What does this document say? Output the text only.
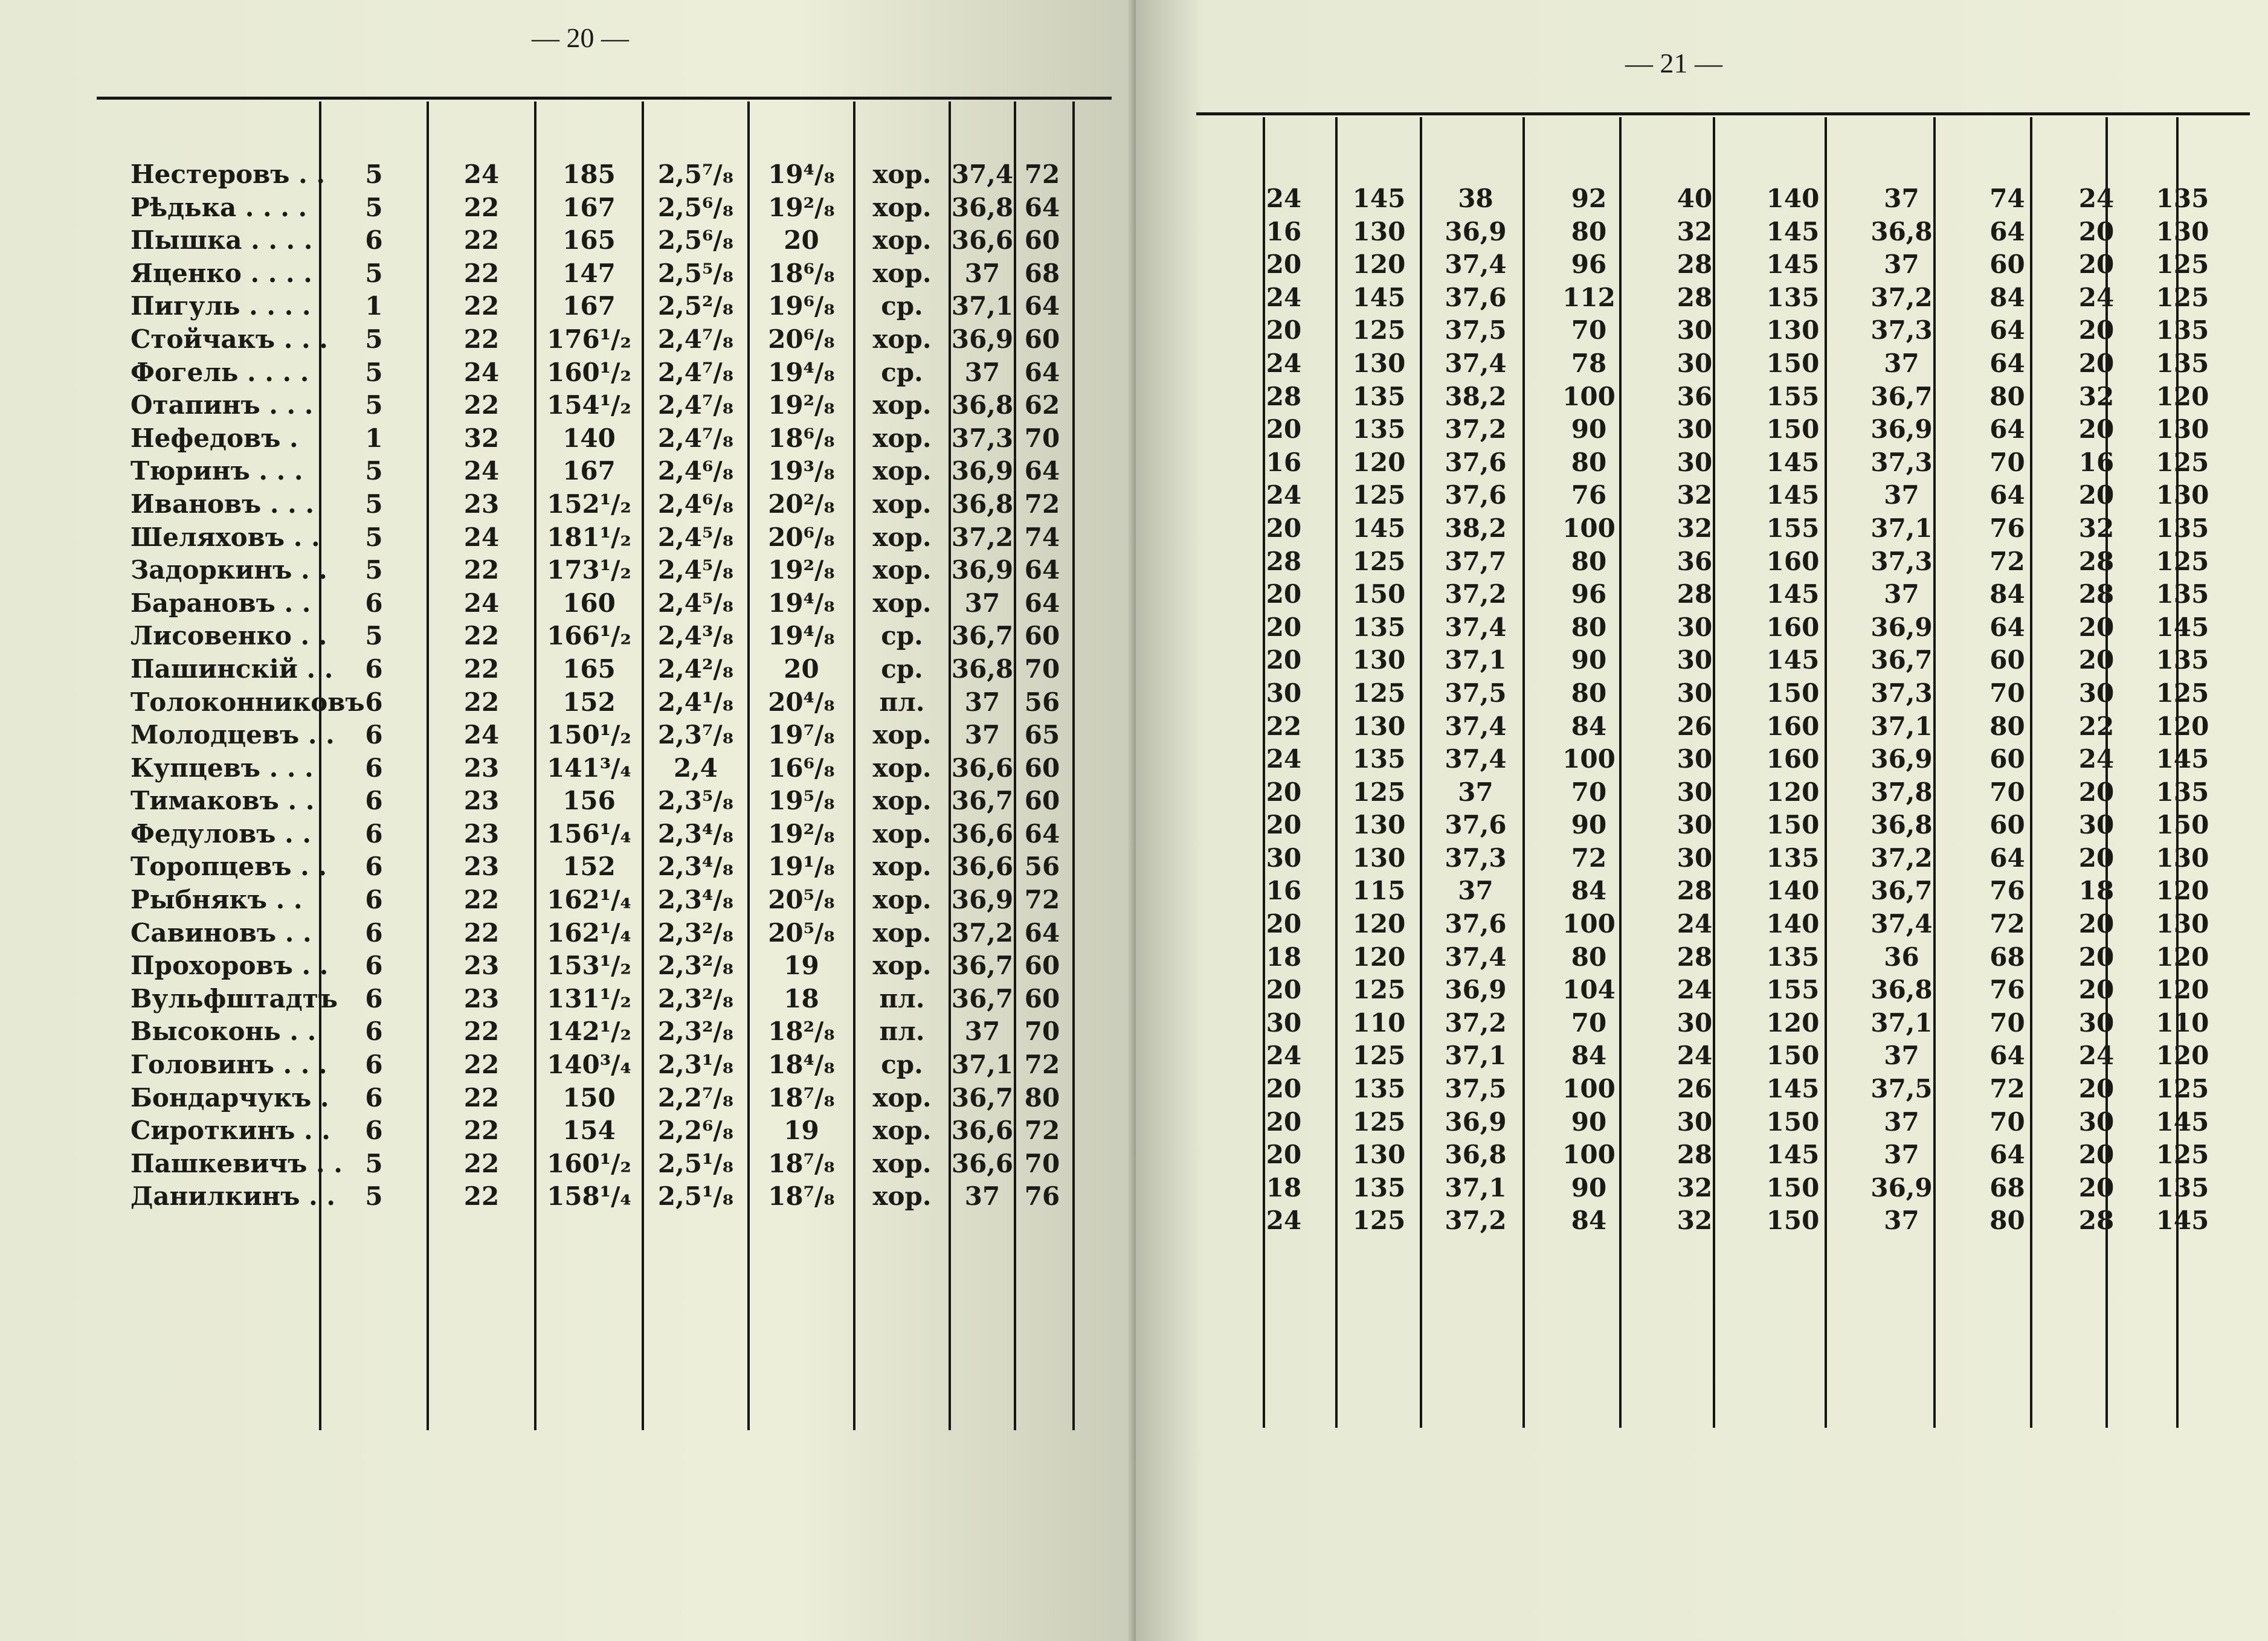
— 20 —
Нестеровъ . .	5	24	185	2,5⁷/₈	19⁴/₈	хор.	37,4	72
Рѣдька . . . .	5	22	167	2,5⁶/₈	19²/₈	хор.	36,8	64
Пышка . . . .	6	22	165	2,5⁶/₈	20	хор.	36,6	60
Яценко . . . .	5	22	147	2,5⁵/₈	18⁶/₈	хор.	37	68
Пигуль . . . .	1	22	167	2,5²/₈	19⁶/₈	ср.	37,1	64
Стойчакъ . . .	5	22	176¹/₂	2,4⁷/₈	20⁶/₈	хор.	36,9	60
Фогель . . . .	5	24	160¹/₂	2,4⁷/₈	19⁴/₈	ср.	37	64
Отапинъ . . .	5	22	154¹/₂	2,4⁷/₈	19²/₈	хор.	36,8	62
Нефедовъ .	1	32	140	2,4⁷/₈	18⁶/₈	хор.	37,3	70
Тюринъ . . .	5	24	167	2,4⁶/₈	19³/₈	хор.	36,9	64
Ивановъ . . .	5	23	152¹/₂	2,4⁶/₈	20²/₈	хор.	36,8	72
Шеляховъ . .	5	24	181¹/₂	2,4⁵/₈	20⁶/₈	хор.	37,2	74
Задоркинъ . .	5	22	173¹/₂	2,4⁵/₈	19²/₈	хор.	36,9	64
Барановъ . .	6	24	160	2,4⁵/₈	19⁴/₈	хор.	37	64
Лисовенко . .	5	22	166¹/₂	2,4³/₈	19⁴/₈	ср.	36,7	60
Пашинскій . .	6	22	165	2,4²/₈	20	ср.	36,8	70
Толоконниковъ	6	22	152	2,4¹/₈	20⁴/₈	пл.	37	56
Молодцевъ . .	6	24	150¹/₂	2,3⁷/₈	19⁷/₈	хор.	37	65
Купцевъ . . .	6	23	141³/₄	2,4	16⁶/₈	хор.	36,6	60
Тимаковъ . .	6	23	156	2,3⁵/₈	19⁵/₈	хор.	36,7	60
Федуловъ . .	6	23	156¹/₄	2,3⁴/₈	19²/₈	хор.	36,6	64
Торопцевъ . .	6	23	152	2,3⁴/₈	19¹/₈	хор.	36,6	56
Рыбнякъ . .	6	22	162¹/₄	2,3⁴/₈	20⁵/₈	хор.	36,9	72
Савиновъ . .	6	22	162¹/₄	2,3²/₈	20⁵/₈	хор.	37,2	64
Прохоровъ . .	6	23	153¹/₂	2,3²/₈	19	хор.	36,7	60
Вульфштадтъ	6	23	131¹/₂	2,3²/₈	18	пл.	36,7	60
Высоконь . .	6	22	142¹/₂	2,3²/₈	18²/₈	пл.	37	70
Головинъ . . .	6	22	140³/₄	2,3¹/₈	18⁴/₈	ср.	37,1	72
Бондарчукъ .	6	22	150	2,2⁷/₈	18⁷/₈	хор.	36,7	80
Сироткинъ . .	6	22	154	2,2⁶/₈	19	хор.	36,6	72
Пашкевичъ . .	5	22	160¹/₂	2,5¹/₈	18⁷/₈	хор.	36,6	70
Данилкинъ . .	5	22	158¹/₄	2,5¹/₈	18⁷/₈	хор.	37	76
— 21 —
24	145	38	92	40	140	37	74	24	135
16	130	36,9	80	32	145	36,8	64	20	130
20	120	37,4	96	28	145	37	60	20	125
24	145	37,6	112	28	135	37,2	84	24	125
20	125	37,5	70	30	130	37,3	64	20	135
24	130	37,4	78	30	150	37	64	20	135
28	135	38,2	100	36	155	36,7	80	32	120
20	135	37,2	90	30	150	36,9	64	20	130
16	120	37,6	80	30	145	37,3	70	16	125
24	125	37,6	76	32	145	37	64	20	130
20	145	38,2	100	32	155	37,1	76	32	135
28	125	37,7	80	36	160	37,3	72	28	125
20	150	37,2	96	28	145	37	84	28	135
20	135	37,4	80	30	160	36,9	64	20	145
20	130	37,1	90	30	145	36,7	60	20	135
30	125	37,5	80	30	150	37,3	70	30	125
22	130	37,4	84	26	160	37,1	80	22	120
24	135	37,4	100	30	160	36,9	60	24	145
20	125	37	70	30	120	37,8	70	20	135
20	130	37,6	90	30	150	36,8	60	30	150
30	130	37,3	72	30	135	37,2	64	20	130
16	115	37	84	28	140	36,7	76	18	120
20	120	37,6	100	24	140	37,4	72	20	130
18	120	37,4	80	28	135	36	68	20	120
20	125	36,9	104	24	155	36,8	76	20	120
30	110	37,2	70	30	120	37,1	70	30	110
24	125	37,1	84	24	150	37	64	24	120
20	135	37,5	100	26	145	37,5	72	20	125
20	125	36,9	90	30	150	37	70	30	145
20	130	36,8	100	28	145	37	64	20	125
18	135	37,1	90	32	150	36,9	68	20	135
24	125	37,2	84	32	150	37	80	28	145
